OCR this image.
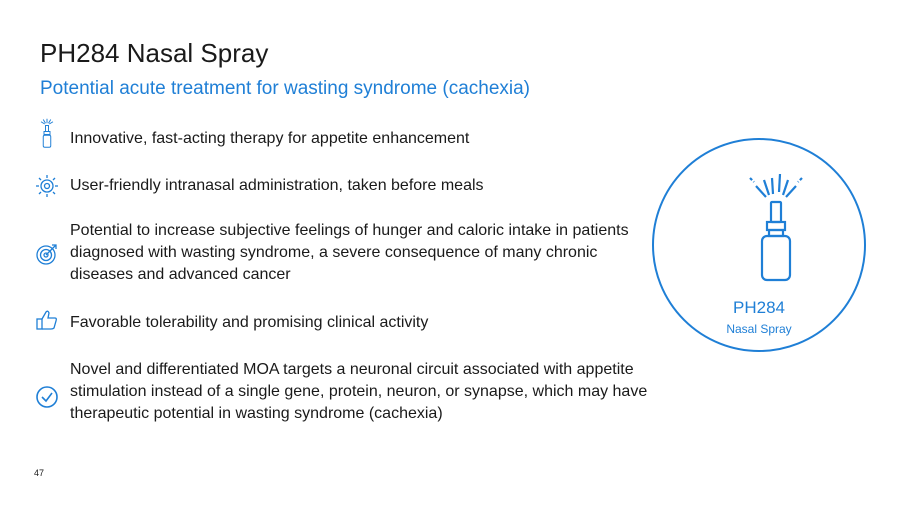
PH284 Nasal Spray
Potential acute treatment for wasting syndrome (cachexia)
Innovative, fast-acting therapy for appetite enhancement
User-friendly intranasal administration, taken before meals
Potential to increase subjective feelings of hunger and caloric intake in patients diagnosed with wasting syndrome, a severe consequence of many chronic diseases and advanced cancer
Favorable tolerability and promising clinical activity
Novel and differentiated MOA targets a neuronal circuit associated with appetite stimulation instead of a single gene, protein, neuron, or synapse, which may have therapeutic potential in wasting syndrome (cachexia)
PH284
Nasal Spray
47
